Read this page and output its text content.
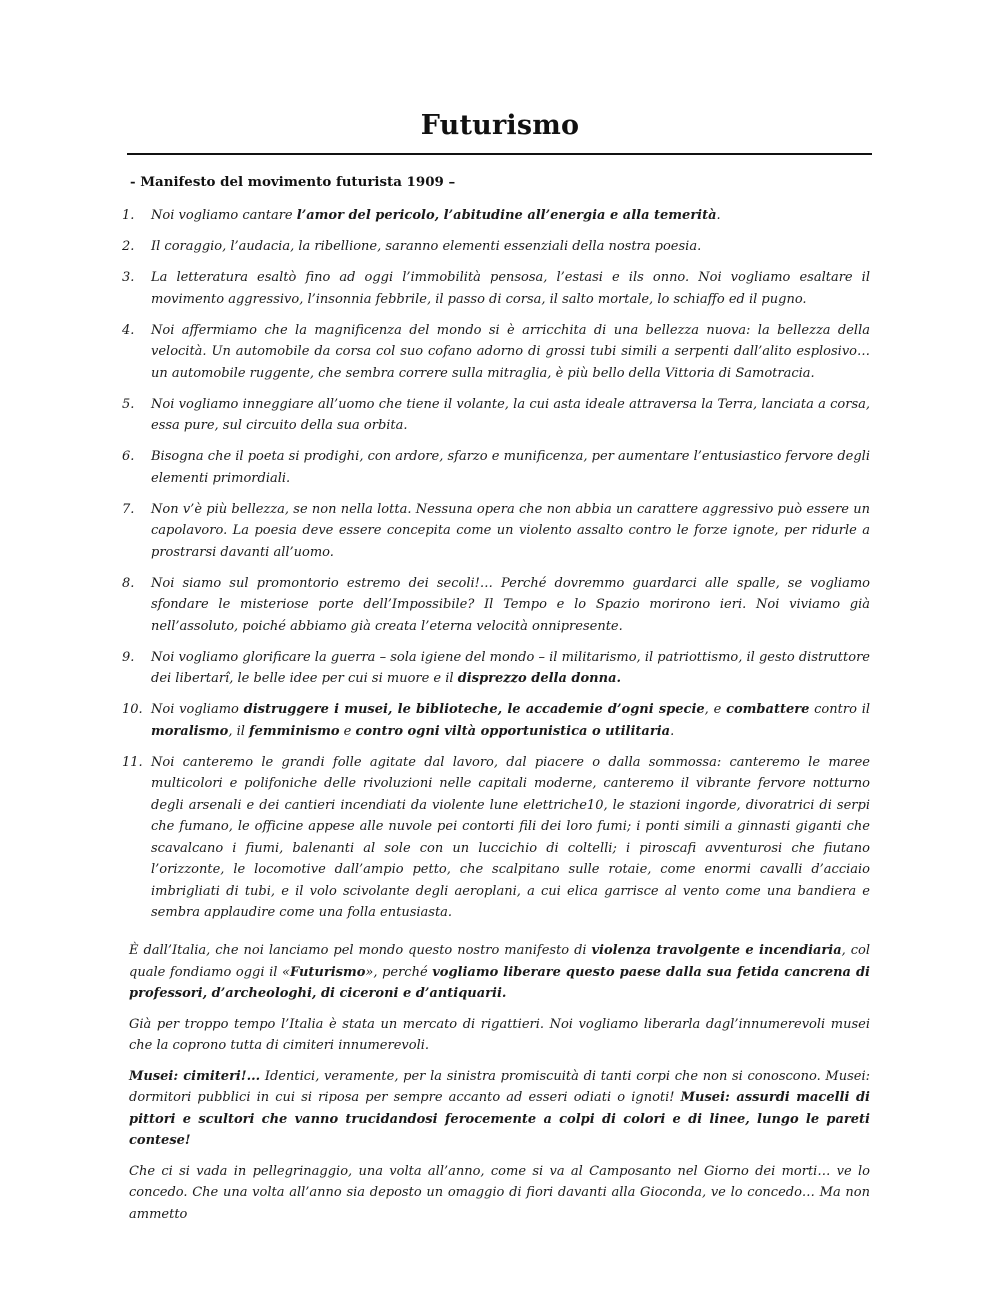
Futurismo
- Manifesto del movimento futurista 1909 –
1.	Noi vogliamo cantare l’amor del pericolo, l’abitudine all’energia e alla temerità.
2.	Il coraggio, l’audacia, la ribellione, saranno elementi essenziali della nostra poesia.
3.	La letteratura esaltò fino ad oggi l’immobilità pensosa, l’estasi e ils onno. Noi vogliamo esaltare il movimento aggressivo, l’insonnia febbrile, il passo di corsa, il salto mortale, lo schiaffo ed il pugno.
4.	Noi affermiamo che la magnificenza del mondo si è arricchita di una bellezza nuova: la bellezza della velocità. Un automobile da corsa col suo cofano adorno di grossi tubi simili a serpenti dall’alito esplosivo… un automobile ruggente, che sembra correre sulla mitraglia, è più bello della Vittoria di Samotracia.
5.	Noi vogliamo inneggiare all’uomo che tiene il volante, la cui asta ideale attraversa la Terra, lanciata a corsa, essa pure, sul circuito della sua orbita.
6.	Bisogna che il poeta si prodighi, con ardore, sfarzo e munificenza, per aumentare l’entusiastico fervore degli elementi primordiali.
7.	Non v’è più bellezza, se non nella lotta. Nessuna opera che non abbia un carattere aggressivo può essere un capolavoro. La poesia deve essere concepita come un violento assalto contro le forze ignote, per ridurle a prostrarsi davanti all’uomo.
8.	Noi siamo sul promontorio estremo dei secoli!… Perché dovremmo guardarci alle spalle, se vogliamo sfondare le misteriose porte dell’Impossibile? Il Tempo e lo Spazio morirono ieri. Noi viviamo già nell’assoluto, poiché abbiamo già creata l’eterna velocità onnipresente.
9.	Noi vogliamo glorificare la guerra – sola igiene del mondo – il militarismo, il patriottismo, il gesto distruttore dei libertarî, le belle idee per cui si muore e il disprezzo della donna.
10. Noi vogliamo distruggere i musei, le biblioteche, le accademie d’ogni specie, e combattere contro il moralismo, il femminismo e contro ogni viltà opportunistica o utilitaria.
11. Noi canteremo le grandi folle agitate dal lavoro, dal piacere o dalla sommossa: canteremo le maree multicolori e polifoniche delle rivoluzioni nelle capitali moderne, canteremo il vibrante fervore notturno degli arsenali e dei cantieri incendiati da violente lune elettriche10, le stazioni ingorde, divoratrici di serpi che fumano, le officine appese alle nuvole pei contorti fili dei loro fumi; i ponti simili a ginnasti giganti che scavalcano i fiumi, balenanti al sole con un luccichio di coltelli; i piroscafi avventurosi che fiutano l’orizzonte, le locomotive dall’ampio petto, che scalpitano sulle rotaie, come enormi cavalli d’acciaio imbrigliati di tubi, e il volo scivolante degli aeroplani, a cui elica garrisce al vento come una bandiera e sembra applaudire come una folla entusiasta.

È dall’Italia, che noi lanciamo pel mondo questo nostro manifesto di violenza travolgente e incendiaria, col quale fondiamo oggi il «Futurismo», perché vogliamo liberare questo paese dalla sua fetida cancrena di professori, d’archeologhi, di ciceroni e d’antiquarii.

Già per troppo tempo l’Italia è stata un mercato di rigattieri. Noi vogliamo liberarla dagl’innumerevoli musei che la coprono tutta di cimiteri innumerevoli.

Musei: cimiteri!... Identici, veramente, per la sinistra promiscuità di tanti corpi che non si conoscono. Musei: dormitori pubblici in cui si riposa per sempre accanto ad esseri odiati o ignoti! Musei: assurdi macelli di pittori e scultori che vanno trucidandosi ferocemente a colpi di colori e di linee, lungo le pareti contese!

Che ci si vada in pellegrinaggio, una volta all’anno, come si va al Camposanto nel Giorno dei morti… ve lo concedo. Che una volta all’anno sia deposto un omaggio di fiori davanti alla Gioconda, ve lo concedo… Ma non ammetto
